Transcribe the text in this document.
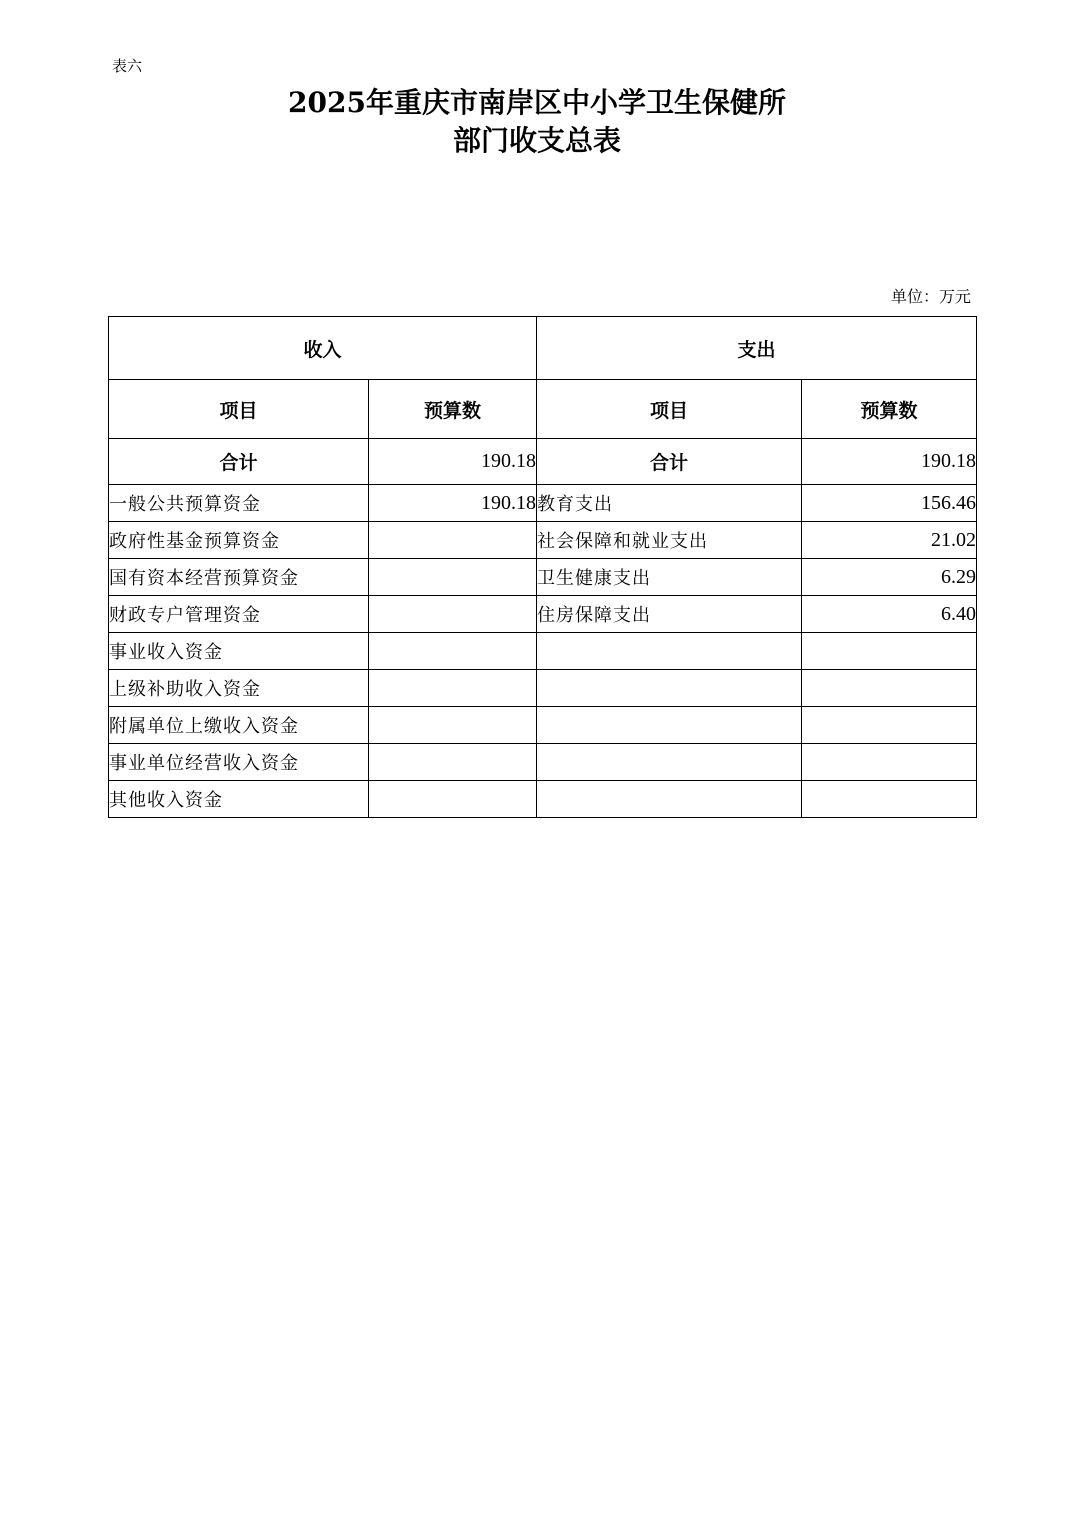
表六
2025年重庆市南岸区中小学卫生保健所
部门收支总表
单位：万元
收入		支出	
项目	预算数	项目	预算数
合计	190.18	合计	190.18
一般公共预算资金	190.18	教育支出	156.46
政府性基金预算资金		社会保障和就业支出	21.02
国有资本经营预算资金		卫生健康支出	6.29
财政专户管理资金		住房保障支出	6.40
事业收入资金			
上级补助收入资金			
附属单位上缴收入资金			
事业单位经营收入资金			
其他收入资金			
